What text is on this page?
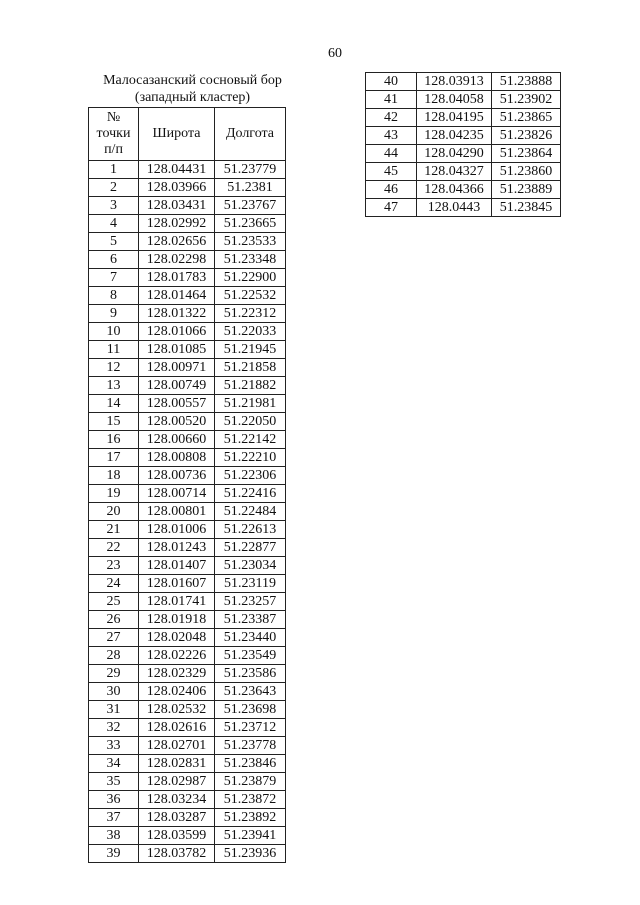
60
Малосазанский сосновый бор (западный кластер)
№
точки
п/п	Широта	Долгота
1	128.04431	51.23779
2	128.03966	51.2381
3	128.03431	51.23767
4	128.02992	51.23665
5	128.02656	51.23533
6	128.02298	51.23348
7	128.01783	51.22900
8	128.01464	51.22532
9	128.01322	51.22312
10	128.01066	51.22033
11	128.01085	51.21945
12	128.00971	51.21858
13	128.00749	51.21882
14	128.00557	51.21981
15	128.00520	51.22050
16	128.00660	51.22142
17	128.00808	51.22210
18	128.00736	51.22306
19	128.00714	51.22416
20	128.00801	51.22484
21	128.01006	51.22613
22	128.01243	51.22877
23	128.01407	51.23034
24	128.01607	51.23119
25	128.01741	51.23257
26	128.01918	51.23387
27	128.02048	51.23440
28	128.02226	51.23549
29	128.02329	51.23586
30	128.02406	51.23643
31	128.02532	51.23698
32	128.02616	51.23712
33	128.02701	51.23778
34	128.02831	51.23846
35	128.02987	51.23879
36	128.03234	51.23872
37	128.03287	51.23892
38	128.03599	51.23941
39	128.03782	51.23936
40	128.03913	51.23888
41	128.04058	51.23902
42	128.04195	51.23865
43	128.04235	51.23826
44	128.04290	51.23864
45	128.04327	51.23860
46	128.04366	51.23889
47	128.0443	51.23845
